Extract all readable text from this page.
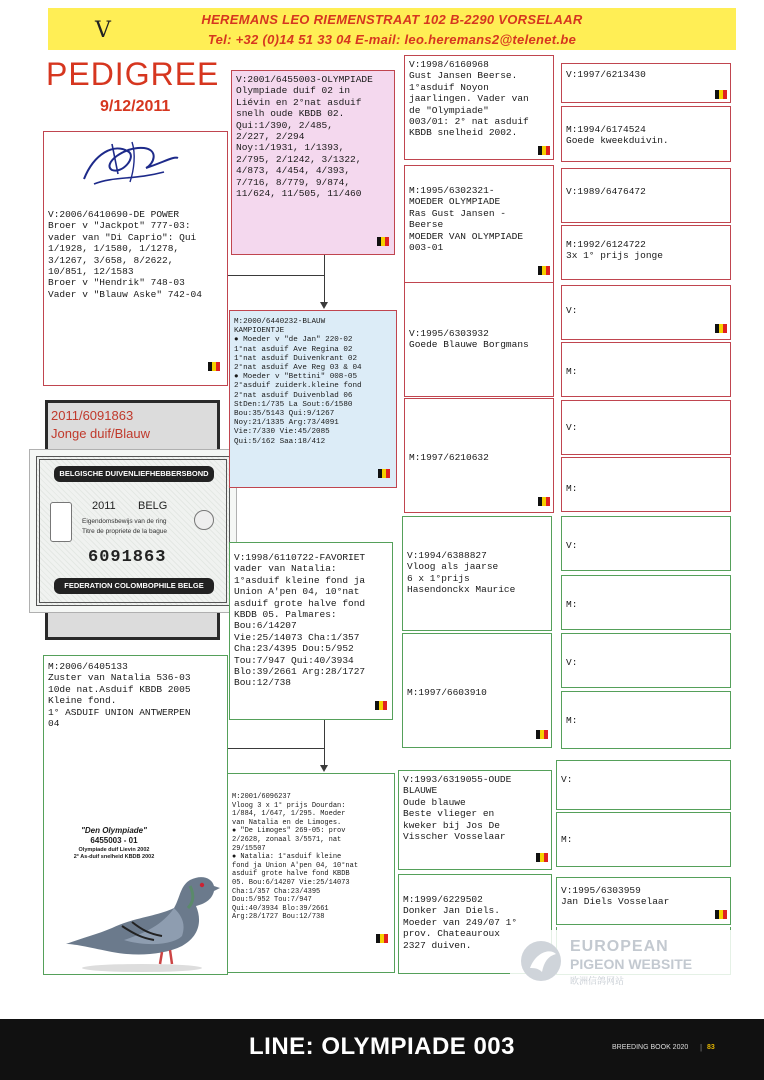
HEREMANS LEO RIEMENSTRAAT 102 B-2290 VORSELAAR
Tel: +32 (0)14 51 33 04 E-mail: leo.heremans2@telenet.be
V
PEDIGREE
9/12/2011
V:2006/6410690-DE POWER
Broer v "Jackpot" 777-03:
vader van "Di Caprio": Qui
1/1928, 1/1580, 1/1278,
3/1267, 3/658, 8/2622,
10/851, 12/1583
Broer v "Hendrik" 748-03
Vader v "Blauw Aske" 742-04
2011/6091863
Jonge duif/Blauw
BELGISCHE DUIVENLIEFHEBBERSBOND
2011 BELG
Eigendomsbewijs van de ring
Titre de propriete de la bague
6091863
FEDERATION COLOMBOPHILE BELGE
M:2006/6405133
Zuster van Natalia 536-03
10de nat.Asduif KBDB 2005
Kleine fond.
1° ASDUIF UNION ANTWERPEN
04
"Den Olympiade"
6455003 - 01
Olympiade duif Lievin 2002
2° As-duif snelheid KBDB 2002
V:2001/6455003-OLYMPIADE
Olympiade duif 02 in
Liévin en 2°nat asduif
snelh oude KBDB 02.
Qui:1/390, 2/485,
2/227, 2/294
Noy:1/1931, 1/1393,
2/795, 2/1242, 3/1322,
4/873, 4/454, 4/393,
7/716, 8/779, 9/874,
11/624, 11/505, 11/460
M:2000/6440232-BLAUW
KAMPIOENTJE
● Moeder v "de Jan" 220-02
1°nat asduif Ave Regina 02
1°nat asduif Duivenkrant 02
2°nat asduif Ave Reg 03 & 04
● Moeder v "Bettini" 008-05
2°asduif zuiderk.kleine fond
2°nat asduif Duivenblad 06
StDen:1/735 La Sout:6/1580
Bou:35/5143 Qui:9/1267
Noy:21/1335 Arg:73/4091
Vie:7/330 Vie:45/2085
Qui:5/162 Saa:18/412
V:1998/6110722-FAVORIET
vader van Natalia:
1°asduif kleine fond ja
Union A'pen 04, 10°nat
asduif grote halve fond
KBDB 05. Palmares:
Bou:6/14207
Vie:25/14073 Cha:1/357
Cha:23/4395 Dou:5/952
Tou:7/947 Qui:40/3934
Blo:39/2661 Arg:28/1727
Bou:12/738
M:2001/6096237
Vloog 3 x 1° prijs Dourdan:
1/884, 1/647, 1/295. Moeder
van Natalia en de Limoges.
● "De Limoges" 269-05: prov
2/2628, zonaal 3/5571, nat
29/15507
● Natalia: 1°asduif kleine
fond ja Union A'pen 04, 10°nat
asduif grote halve fond KBDB
05. Bou:6/14207 Vie:25/14073
Cha:1/357 Cha:23/4395
Dou:5/952 Tou:7/947
Qui:40/3934 Blo:39/2661
Arg:28/1727 Bou:12/738
V:1998/6160968
Gust Jansen Beerse.
1°asduif Noyon
jaarlingen. Vader van
de "Olympiade"
003/01: 2° nat asduif
KBDB snelheid 2002.
M:1995/6302321-
MOEDER OLYMPIADE
Ras Gust Jansen -
Beerse
MOEDER VAN OLYMPIADE
003-01
V:1995/6303932
Goede Blauwe Borgmans
M:1997/6210632
V:1994/6388827
Vloog als jaarse
6 x 1°prijs
Hasendonckx Maurice
M:1997/6603910
V:1993/6319055-OUDE
BLAUWE
Oude blauwe
Beste vlieger en
kweker bij Jos De
Visscher Vosselaar
M:1999/6229502
Donker Jan Diels.
Moeder van 249/07 1°
prov. Chateauroux
2327 duiven.
V:1997/6213430
M:1994/6174524
Goede kweekduivin.
V:1989/6476472
M:1992/6124722
3x 1° prijs jonge
V:
M:
V:
M:
V:
M:
V:
M:
V:
M:
V:1995/6303959
Jan Diels Vosselaar
EUROPEAN
PIGEON WEBSITE
欧洲信鸽网站
LINE: OLYMPIADE 003	BREEDING BOOK 2020 | 83
